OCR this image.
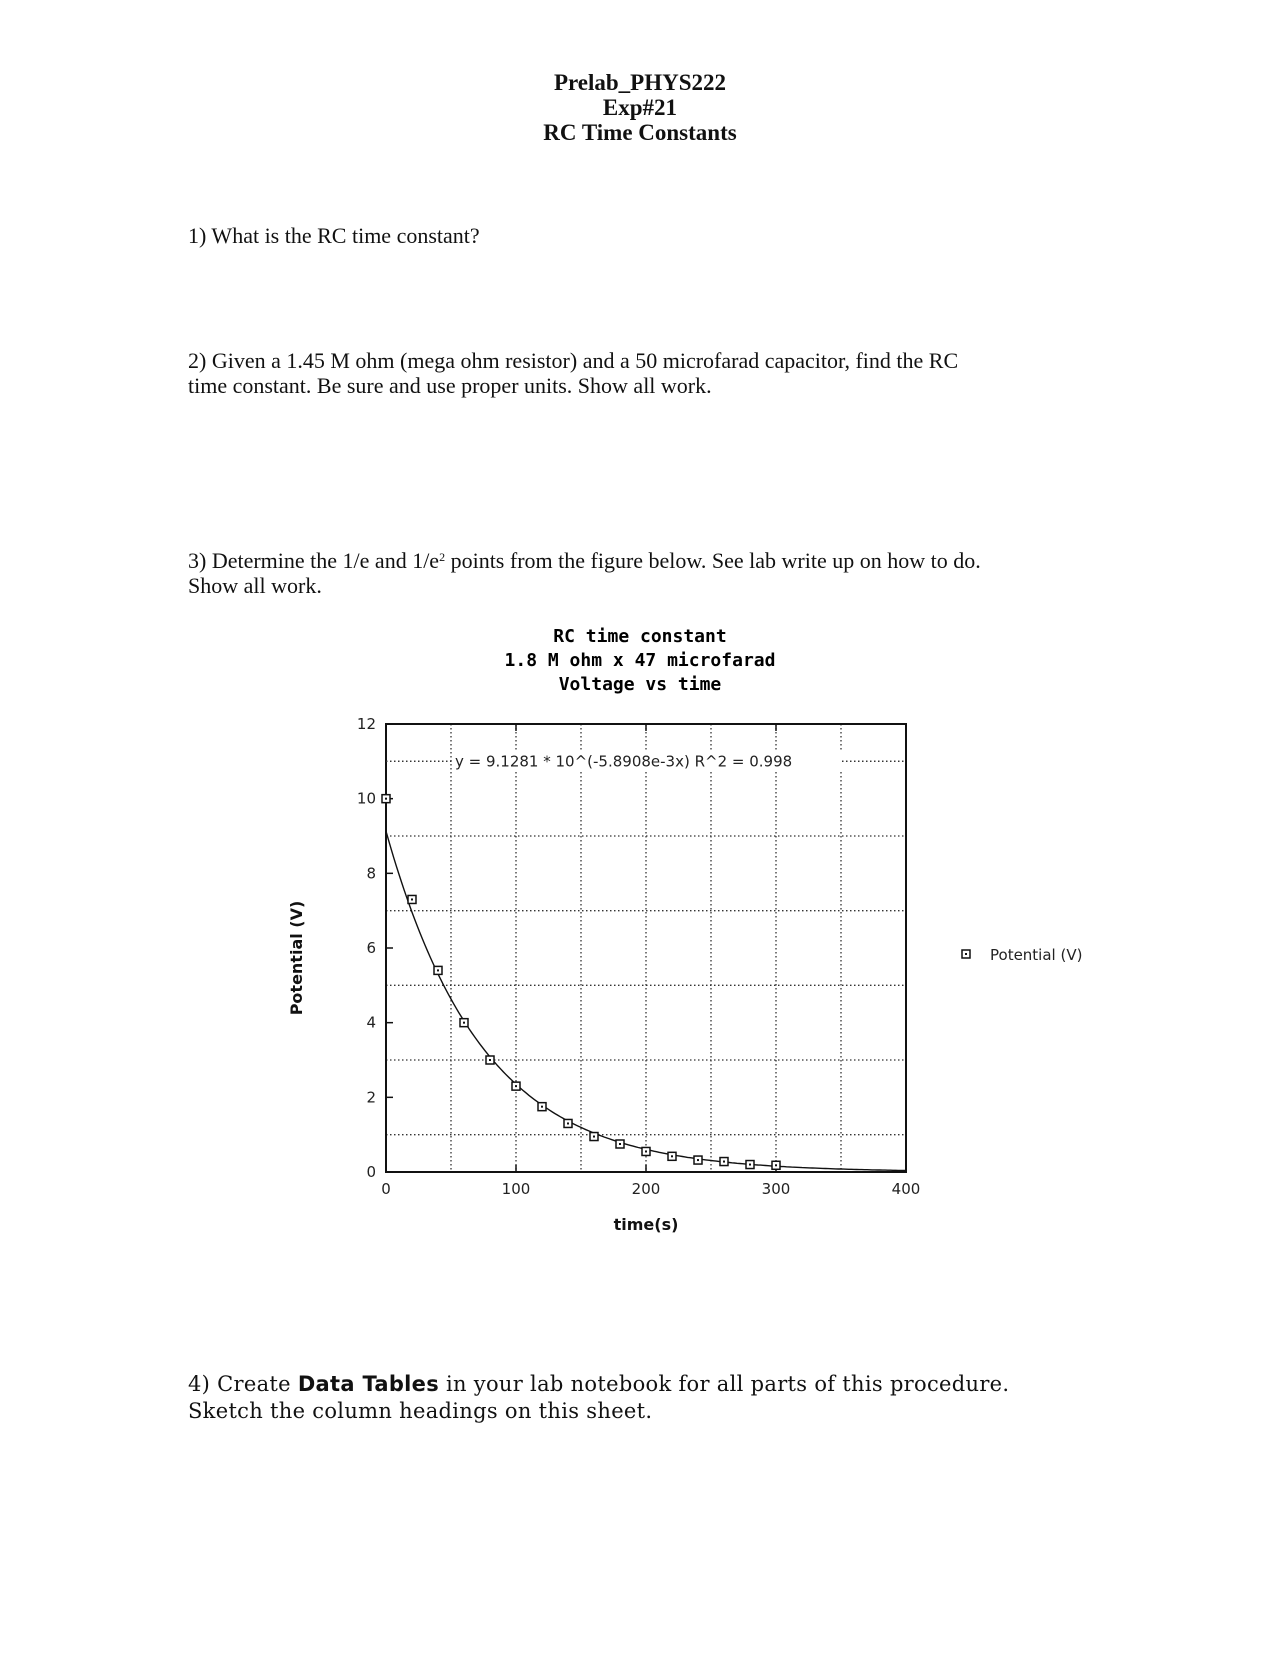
Prelab_PHYS222
Exp#21
RC Time Constants
1) What is the RC time constant?
2) Given a 1.45 M ohm (mega ohm resistor) and a 50 microfarad capacitor, find the RC
time constant. Be sure and use proper units. Show all work.
3) Determine the 1/e and $1/e^2$ points from the figure below. See lab write up on how to do.
Show all work.
RC time constant
1.8 M ohm x 47 microfarad
Voltage vs time
0	100	200	300	400
0
2
4
6
8
10
12
y = 9.1281 * 10^(-5.8908e-3x) R^2 = 0.998
time(s)
Potential (V)	Potential (V)
4) Create Data Tables in your lab notebook for all parts of this procedure.
Sketch the column headings on this sheet.
